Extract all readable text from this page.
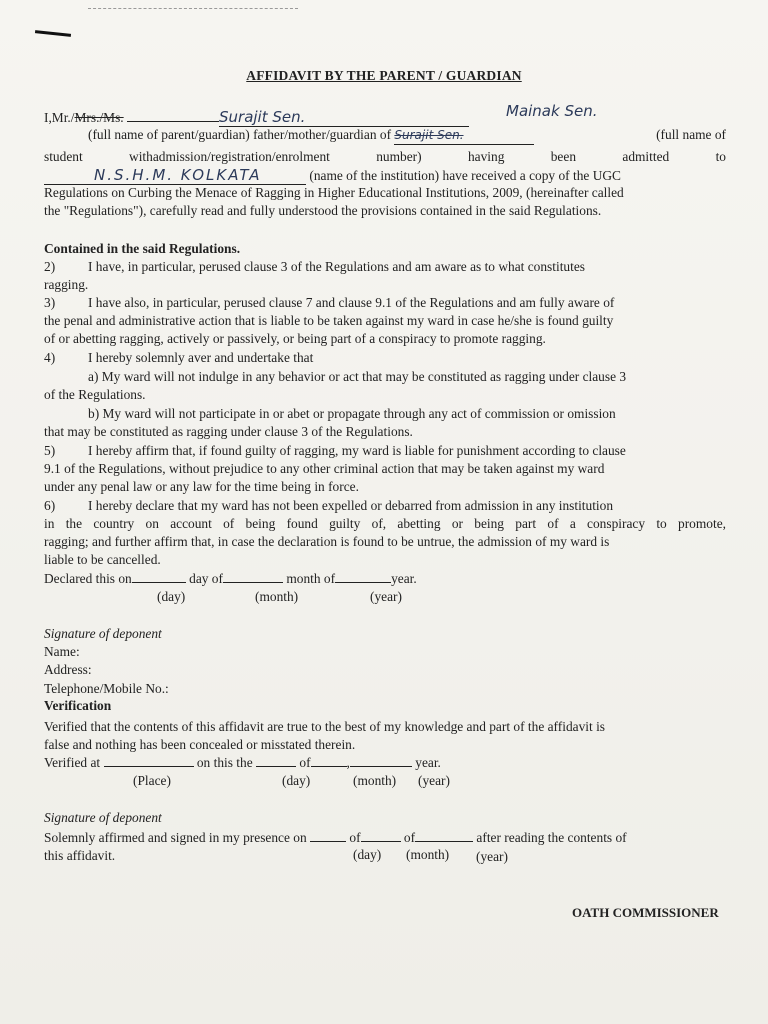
AFFIDAVIT BY THE PARENT / GUARDIAN
I,Mr./Mrs./Ms.	Surajit Sen.	Mainak Sen.
(full name of parent/guardian) father/mother/guardian of Surajit Sen.	(full name of
student withadmission/registration/enrolment number) having been admitted to
N.S.H.M. KOLKATA	(name of the institution) have received a copy of the UGC
Regulations on Curbing the Menace of Ragging in Higher Educational Institutions, 2009, (hereinafter called
the "Regulations"), carefully read and fully understood the provisions contained in the said Regulations.
Contained in the said Regulations.
2) I have, in particular, perused clause 3 of the Regulations and am aware as to what constitutes
ragging.
3) I have also, in particular, perused clause 7 and clause 9.1 of the Regulations and am fully aware of
the penal and administrative action that is liable to be taken against my ward in case he/she is found guilty
of or abetting ragging, actively or passively, or being part of a conspiracy to promote ragging.
4) I hereby solemnly aver and undertake that
a) My ward will not indulge in any behavior or act that may be constituted as ragging under clause 3
of the Regulations.
b) My ward will not participate in or abet or propagate through any act of commission or omission
that may be constituted as ragging under clause 3 of the Regulations.
5) I hereby affirm that, if found guilty of ragging, my ward is liable for punishment according to clause
9.1 of the Regulations, without prejudice to any other criminal action that may be taken against my ward
under any penal law or any law for the time being in force.
6) I hereby declare that my ward has not been expelled or debarred from admission in any institution
in the country on account of being found guilty of, abetting or being part of a conspiracy to promote,
ragging; and further affirm that, in case the declaration is found to be untrue, the admission of my ward is
liable to be cancelled.
Declared this on	day of	month of	year.
(day)	(month)	(year)
Signature of deponent
Name:
Address:
Telephone/Mobile No.:
Verification
Verified that the contents of this affidavit are true to the best of my knowledge and part of the affidavit is
false and nothing has been concealed or misstated therein.
Verified at	on this the	of	,	year.
(Place)	(day)	(month) (year)
Signature of deponent
Solemnly affirmed and signed in my presence on	of	of	after reading the contents of
this affidavit.	(day) (month) (year)
OATH COMMISSIONER
